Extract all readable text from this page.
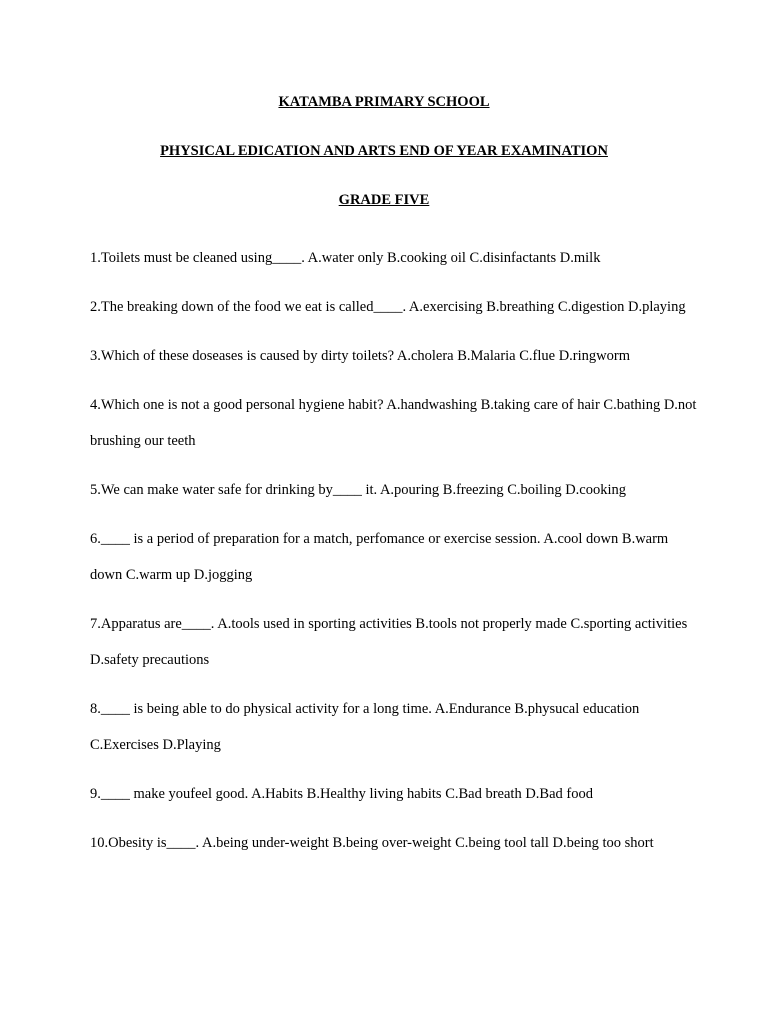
KATAMBA PRIMARY SCHOOL

PHYSICAL EDICATION AND ARTS END OF YEAR EXAMINATION

GRADE FIVE

1.Toilets must be cleaned using____. A.water only B.cooking oil C.disinfactants D.milk

2.The breaking down of the food we eat is called____. A.exercising B.breathing C.digestion D.playing

3.Which of these doseases is caused by dirty toilets? A.cholera B.Malaria C.flue D.ringworm

4.Which one is not a good personal hygiene habit? A.handwashing B.taking care of hair C.bathing D.not brushing our teeth

5.We can make water safe for drinking by____ it. A.pouring B.freezing C.boiling D.cooking

6.____ is a period of preparation for a match, perfomance or exercise session. A.cool down B.warm down C.warm up D.jogging

7.Apparatus are____. A.tools used in sporting activities B.tools not properly made C.sporting activities D.safety precautions

8.____ is being able to do physical activity for a long time. A.Endurance B.physucal education C.Exercises D.Playing

9.____ make youfeel good. A.Habits B.Healthy living habits C.Bad breath D.Bad food

10.Obesity is____. A.being under-weight B.being over-weight C.being tool tall D.being too short
